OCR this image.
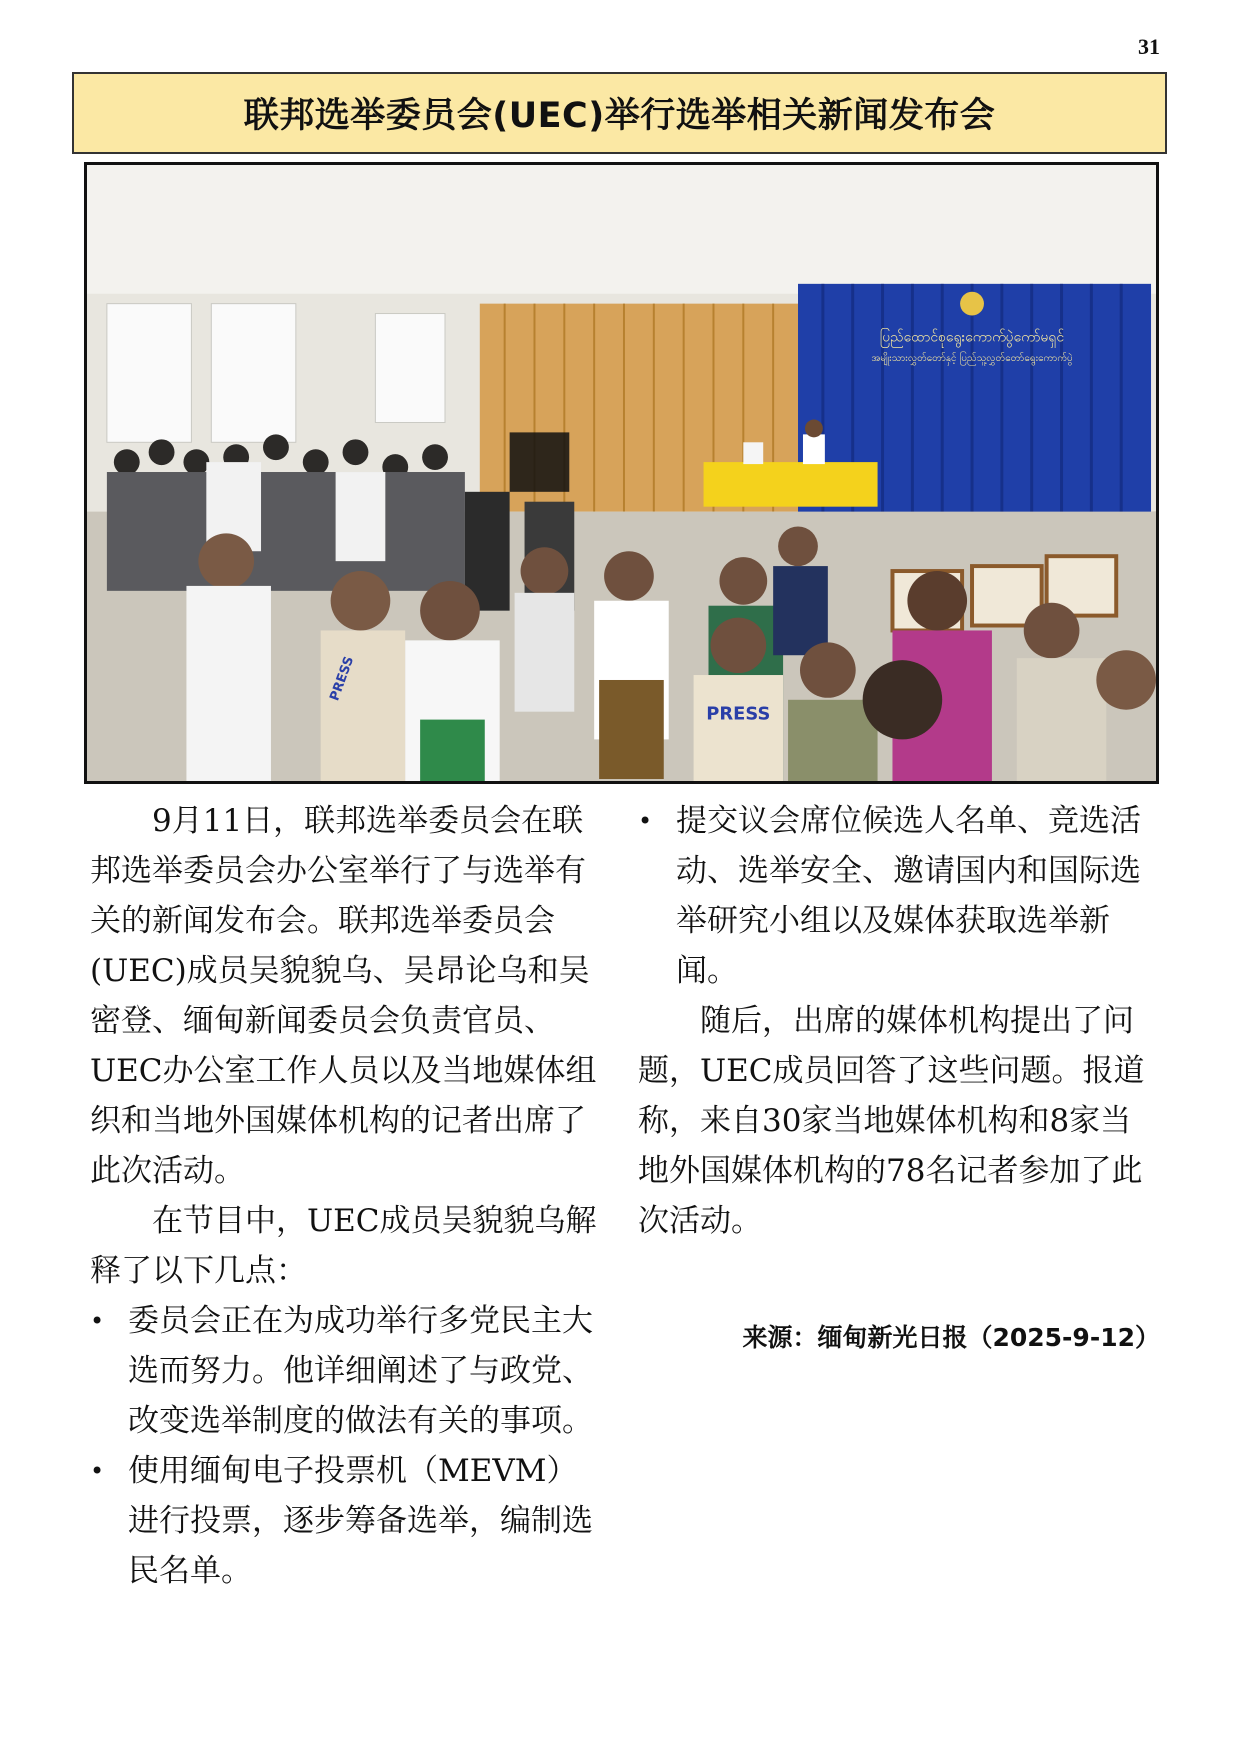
31
联邦选举委员会(UEC)举行选举相关新闻发布会
ပြည်ထောင်စုရွေးကောက်ပွဲကော်မရှင်
အမျိုးသားလွှတ်တော်နှင့် ပြည်သူ့လွှတ်တော်ရွေးကောက်ပွဲ
PRESS
PRESS

9月11日，联邦选举委员会在联邦选举委员会办公室举行了与选举有关的新闻发布会。联邦选举委员会(UEC)成员吴貌貌乌、吴昂论乌和吴密登、缅甸新闻委员会负责官员、UEC办公室工作人员以及当地媒体组织和当地外国媒体机构的记者出席了此次活动。

在节目中，UEC成员吴貌貌乌解释了以下几点：

• 委员会正在为成功举行多党民主大选而努力。他详细阐述了与政党、改变选举制度的做法有关的事项。

• 使用缅甸电子投票机（MEVM）进行投票，逐步筹备选举，编制选民名单。

• 提交议会席位候选人名单、竞选活动、选举安全、邀请国内和国际选举研究小组以及媒体获取选举新闻。

随后，出席的媒体机构提出了问题，UEC成员回答了这些问题。报道称，来自30家当地媒体机构和8家当地外国媒体机构的78名记者参加了此次活动。

来源：缅甸新光日报（2025-9-12）
